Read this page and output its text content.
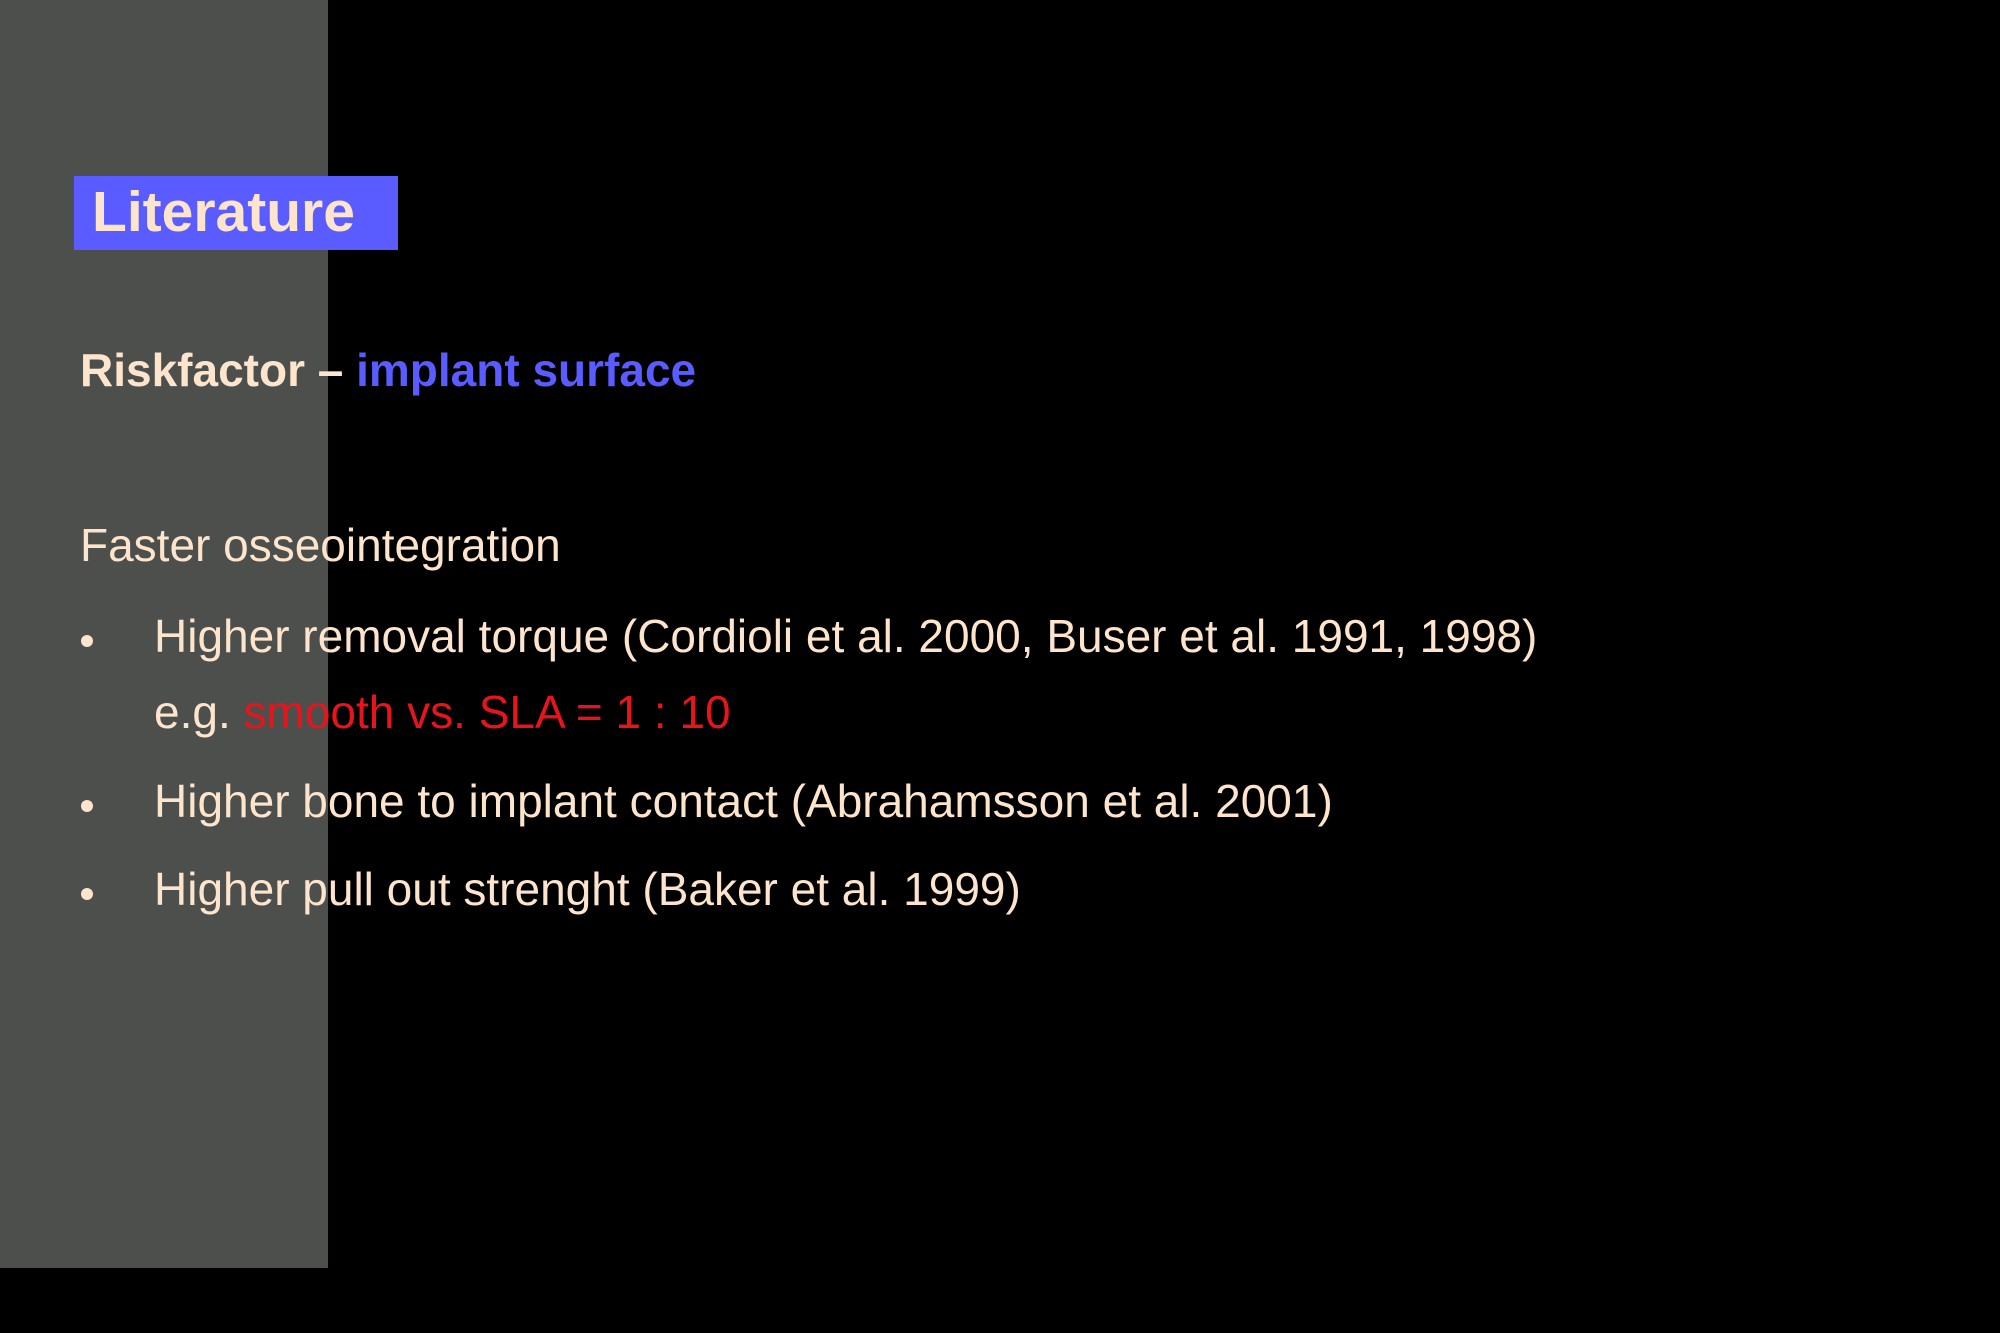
Literature
Riskfactor – implant surface
Faster osseointegration
Higher removal torque (Cordioli et al. 2000, Buser et al. 1991, 1998)
e.g. smooth vs. SLA = 1 : 10
Higher bone to implant contact (Abrahamsson et al. 2001)
Higher pull out strenght (Baker et al. 1999)
